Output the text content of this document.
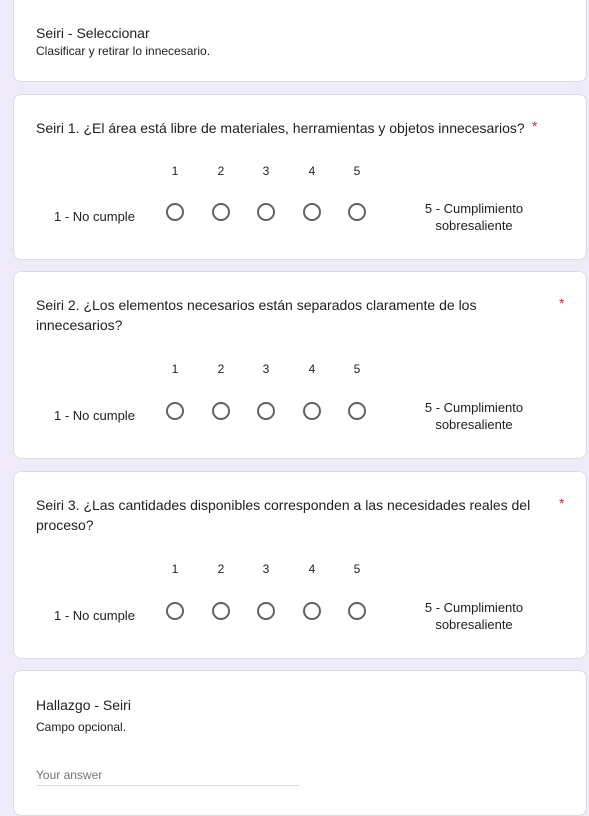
Seiri - Seleccionar
Clasificar y retirar lo innecesario.
Seiri 1. ¿El área está libre de materiales, herramientas y objetos innecesarios? *
1	2	3	4	5
1 - No cumple
5 - Cumplimiento
sobresaliente
Seiri 2. ¿Los elementos necesarios están separados claramente de los innecesarios?
*
1	2	3	4	5
1 - No cumple
5 - Cumplimiento
sobresaliente
Seiri 3. ¿Las cantidades disponibles corresponden a las necesidades reales del proceso?
*
1	2	3	4	5
1 - No cumple
5 - Cumplimiento
sobresaliente
Hallazgo - Seiri
Campo opcional.
Your answer
